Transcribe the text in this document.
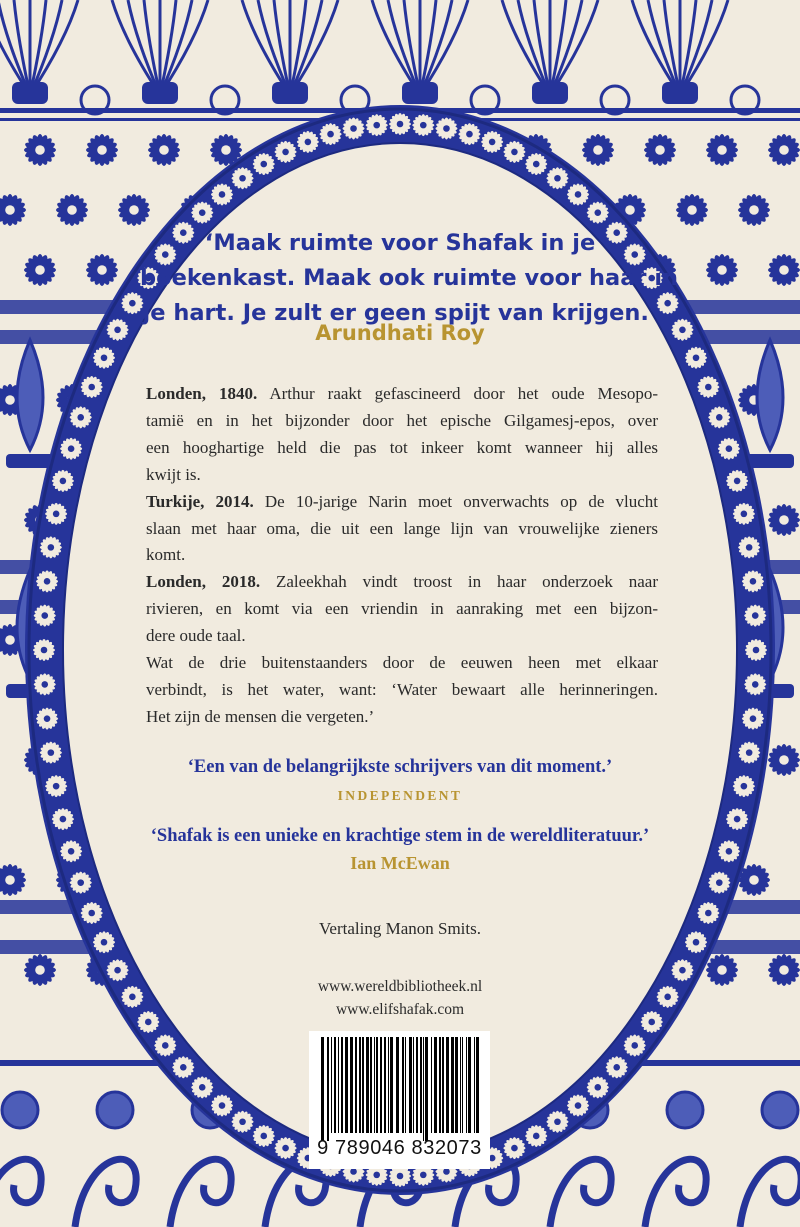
‘Maak ruimte voor Shafak in je
boekenkast. Maak ook ruimte voor haar in
je hart. Je zult er geen spijt van krijgen.’
Arundhati Roy
Londen, 1840. Arthur raakt gefascineerd door het oude Mesopo-
tamië en in het bijzonder door het epische Gilgamesj-epos, over
een hooghartige held die pas tot inkeer komt wanneer hij alles
kwijt is.
Turkije, 2014. De 10-jarige Narin moet onverwachts op de vlucht
slaan met haar oma, die uit een lange lijn van vrouwelijke zieners
komt.
Londen, 2018. Zaleekhah vindt troost in haar onderzoek naar
rivieren, en komt via een vriendin in aanraking met een bijzon-
dere oude taal.
Wat de drie buitenstaanders door de eeuwen heen met elkaar
verbindt, is het water, want: ‘Water bewaart alle herinneringen.
Het zijn de mensen die vergeten.’
‘Een van de belangrijkste schrijvers van dit moment.’
INDEPENDENT
‘Shafak is een unieke en krachtige stem in de wereldliteratuur.’
Ian McEwan
Vertaling Manon Smits.
www.wereldbibliotheek.nl
www.elifshafak.com
9 789046 832073
